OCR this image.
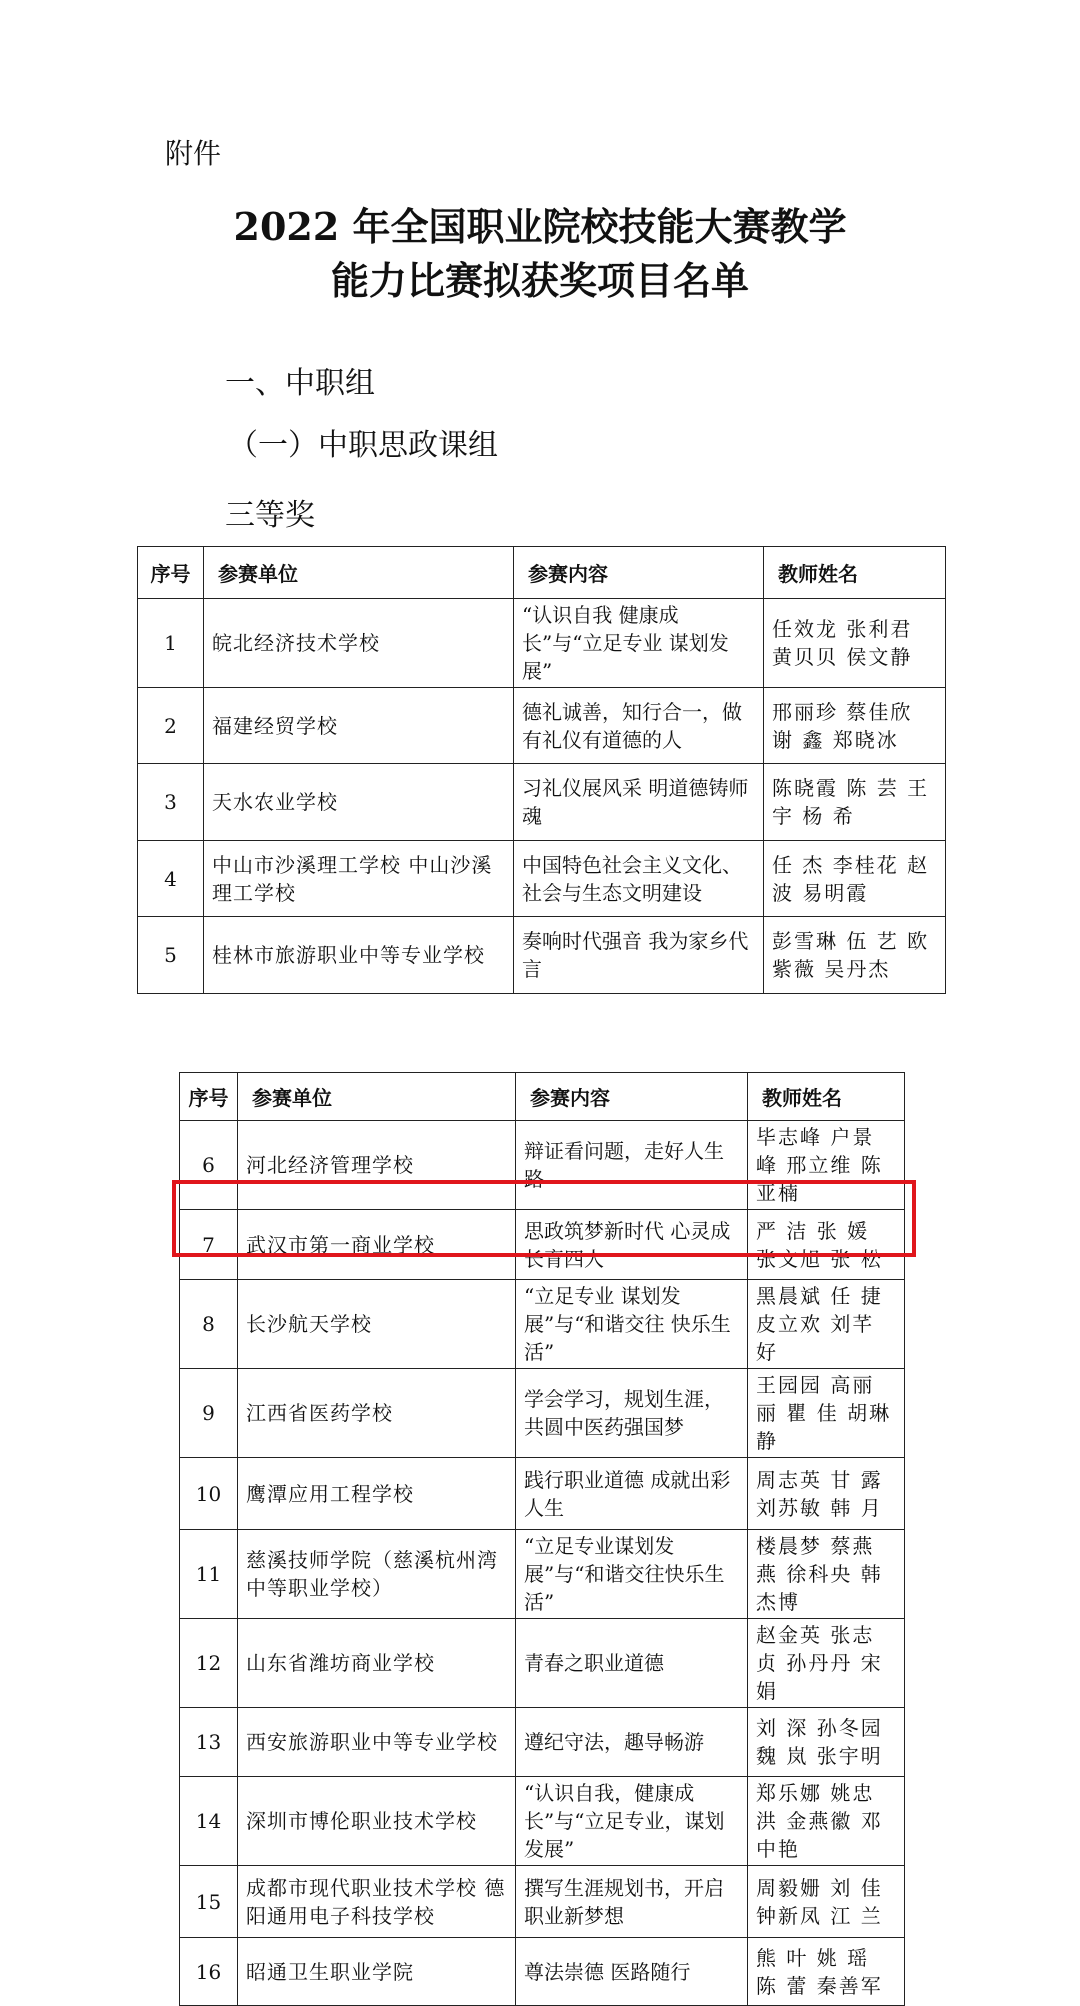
附件
2022 年全国职业院校技能大赛教学
能力比赛拟获奖项目名单
一、中职组
（一）中职思政课组
三等奖
序号	参赛单位	参赛内容	教师姓名
1	皖北经济技术学校	“认识自我 健康成长”与“立足专业 谋划发展”	任效龙 张利君 黄贝贝 侯文静
2	福建经贸学校	德礼诚善，知行合一，做有礼仪有道德的人	邢丽珍 蔡佳欣 谢 鑫 郑晓冰
3	天水农业学校	习礼仪展风采 明道德铸师魂	陈晓霞 陈 芸 王 宇 杨 希
4	中山市沙溪理工学校 中山沙溪理工学校	中国特色社会主义文化、社会与生态文明建设	任 杰 李桂花 赵 波 易明霞
5	桂林市旅游职业中等专业学校	奏响时代强音 我为家乡代言	彭雪琳 伍 艺 欧紫薇 吴丹杰
序号	参赛单位	参赛内容	教师姓名
6	河北经济管理学校	辩证看问题，走好人生路	毕志峰 户景峰 邢立维 陈亚楠
7	武汉市第一商业学校	思政筑梦新时代 心灵成长育四人	严 洁 张 媛 张文旭 张 松
8	长沙航天学校	“立足专业 谋划发展”与“和谐交往 快乐生活”	黑晨斌 任 捷 皮立欢 刘芊好
9	江西省医药学校	学会学习，规划生涯，共圆中医药强国梦	王园园 高丽丽 瞿 佳 胡琳静
10	鹰潭应用工程学校	践行职业道德 成就出彩人生	周志英 甘 露 刘苏敏 韩 月
11	慈溪技师学院（慈溪杭州湾中等职业学校）	“立足专业谋划发展”与“和谐交往快乐生活”	楼晨梦 蔡燕燕 徐科央 韩杰博
12	山东省潍坊商业学校	青春之职业道德	赵金英 张志贞 孙丹丹 宋 娟
13	西安旅游职业中等专业学校	遵纪守法，趣导畅游	刘 深 孙冬园 魏 岚 张宇明
14	深圳市博伦职业技术学校	“认识自我，健康成长”与“立足专业，谋划发展”	郑乐娜 姚忠洪 金燕徽 邓中艳
15	成都市现代职业技术学校 德阳通用电子科技学校	撰写生涯规划书，开启职业新梦想	周毅姗 刘 佳 钟新凤 江 兰
16	昭通卫生职业学院	尊法崇德 医路随行	熊 叶 姚 瑶 陈 蕾 秦善军
